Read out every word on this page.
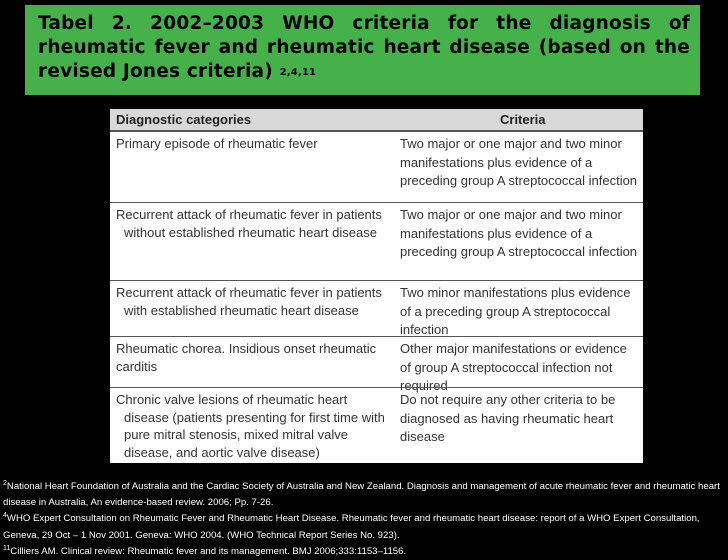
Tabel 2. 2002–2003 WHO criteria for the diagnosis of rheumatic fever and rheumatic heart disease (based on the revised Jones criteria) $^{2,4,11}$
Diagnostic categories	Criteria
Primary episode of rheumatic fever	Two major or one major and two minor manifestations plus evidence of a preceding group A streptococcal infection
Recurrent attack of rheumatic fever in patients without established rheumatic heart disease
Two major or one major and two minor manifestations plus evidence of a preceding group A streptococcal infection
Recurrent attack of rheumatic fever in patients with established rheumatic heart disease
Two minor manifestations plus evidence of a preceding group A streptococcal infection
Rheumatic chorea. Insidious onset rheumatic carditis
Other major manifestations or evidence of group A streptococcal infection not required
Chronic valve lesions of rheumatic heart disease (patients presenting for first time with pure mitral stenosis, mixed mitral valve disease, and aortic valve disease)
Do not require any other criteria to be diagnosed as having rheumatic heart disease
$^2$National Heart Foundation of Australia and the Cardiac Society of Australia and New Zealand. Diagnosis and management of acute rheumatic fever and rheumatic heart disease in Australia, An evidence-based review. 2006; Pp. 7-26.
$^4$WHO Expert Consultation on Rheumatic Fever and Rheumatic Heart Disease. Rheumatic fever and rheumatic heart disease: report of a WHO Expert Consultation, Geneva, 29 Oct – 1 Nov 2001. Geneva: WHO 2004. (WHO Technical Report Series No. 923).
$^{11}$Cilliers AM. Clinical review: Rheumatic fever and its management. BMJ 2006;333:1153–1156.
